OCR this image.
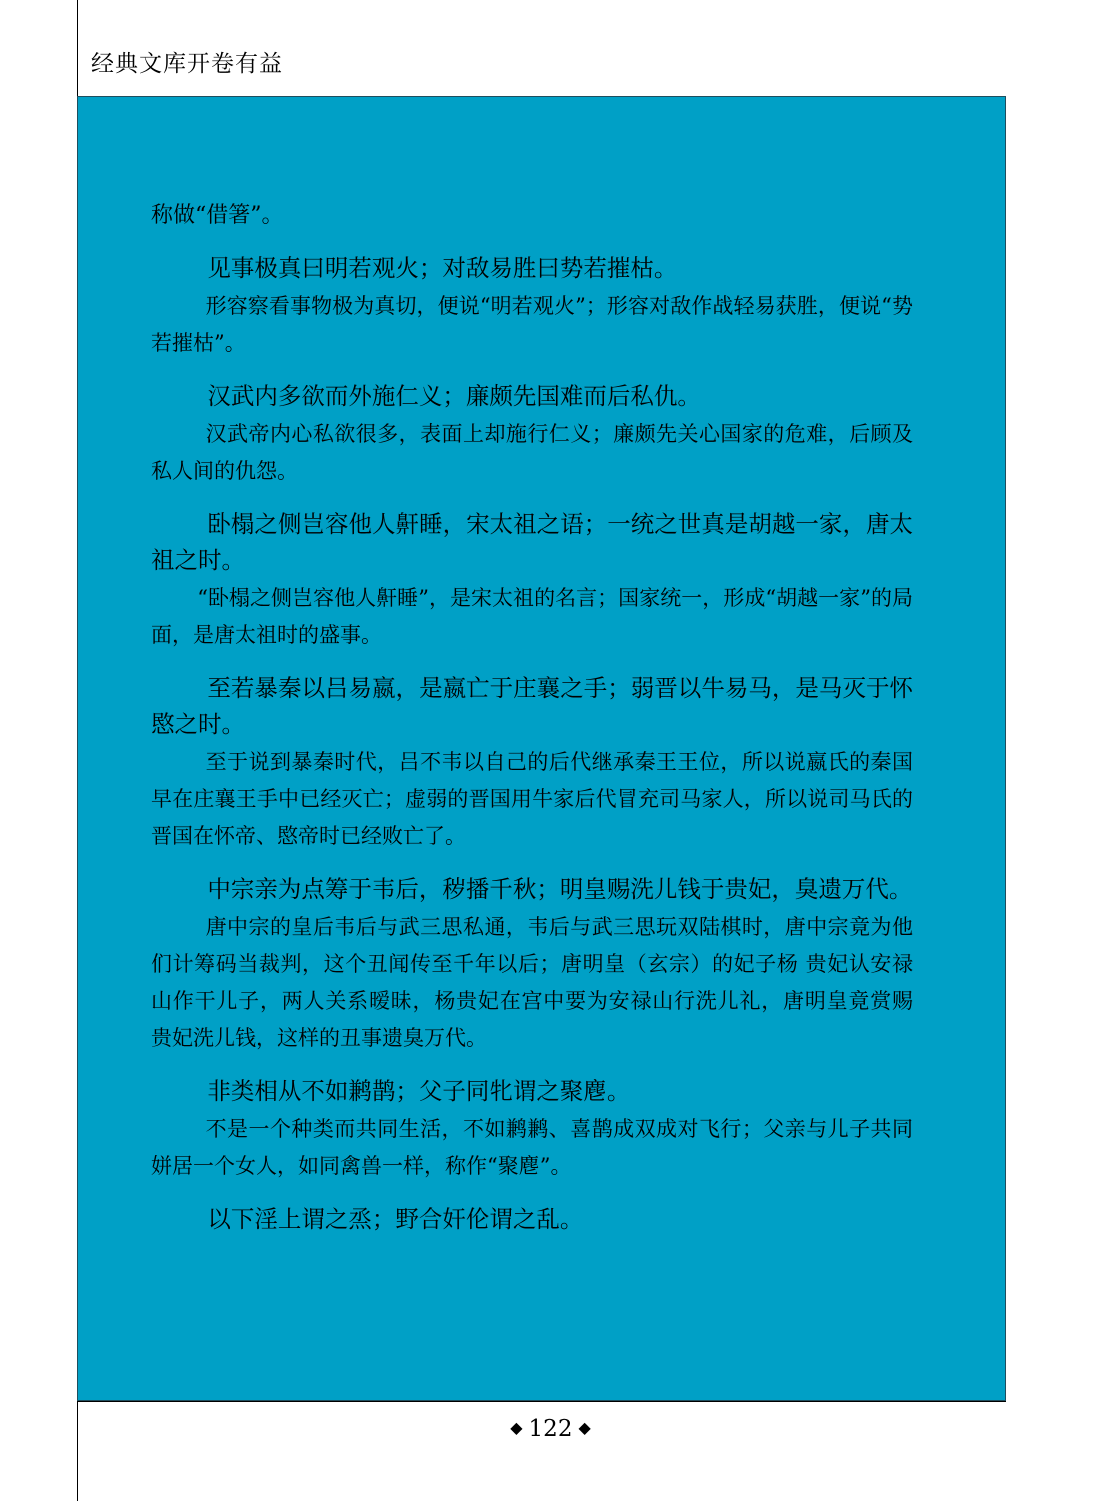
经典文库开卷有益

称做“借箸”。

见事极真曰明若观火；对敌易胜曰势若摧枯。

形容察看事物极为真切，便说“明若观火”；形容对敌作战轻易获胜，便说“势若摧枯”。

汉武内多欲而外施仁义；廉颇先国难而后私仇。

汉武帝内心私欲很多，表面上却施行仁义；廉颇先关心国家的危难，后顾及私人间的仇怨。

卧榻之侧岂容他人鼾睡，宋太祖之语；一统之世真是胡越一家，唐太祖之时。

“卧榻之侧岂容他人鼾睡”，是宋太祖的名言；国家统一，形成“胡越一家”的局面，是唐太祖时的盛事。

至若暴秦以吕易嬴，是嬴亡于庄襄之手；弱晋以牛易马，是马灭于怀愍之时。

至于说到暴秦时代，吕不韦以自己的后代继承秦王王位，所以说嬴氏的秦国早在庄襄王手中已经灭亡；虚弱的晋国用牛家后代冒充司马家人，所以说司马氏的晋国在怀帝、愍帝时已经败亡了。

中宗亲为点筹于韦后，秽播千秋；明皇赐洗儿钱于贵妃，臭遗万代。

唐中宗的皇后韦后与武三思私通，韦后与武三思玩双陆棋时，唐中宗竟为他们计筹码当裁判，这个丑闻传至千年以后；唐明皇（玄宗）的妃子杨 贵妃认安禄山作干儿子，两人关系暧昧，杨贵妃在宫中要为安禄山行洗儿礼，唐明皇竟赏赐 贵妃洗儿钱，这样的丑事遗臭万代。

非类相从不如鹣鹊；父子同牝谓之聚麀。

不是一个种类而共同生活，不如鹣鹣、喜鹊成双成对飞行；父亲与儿子共同姘居一个女人，如同禽兽一样，称作“聚麀”。

以下淫上谓之烝；野合奸伦谓之乱。

◆ 122 ◆
